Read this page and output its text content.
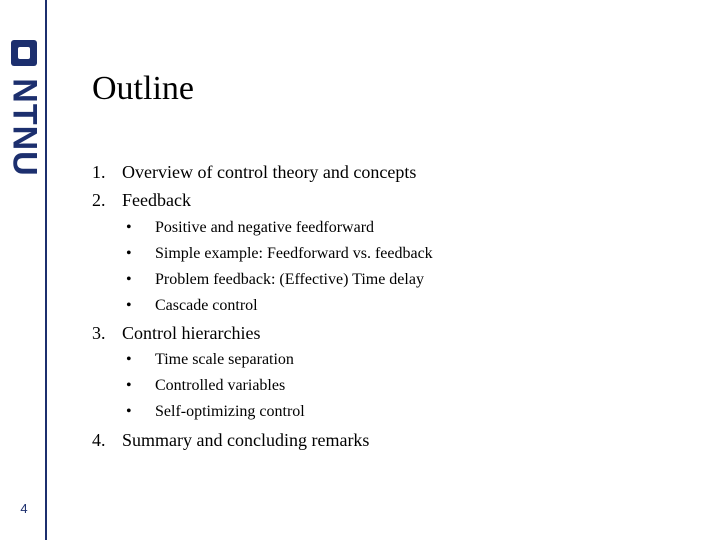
NTNU
4
Outline
1. Overview of control theory and concepts
2. Feedback
• Positive and negative feedforward
• Simple example: Feedforward vs. feedback
• Problem feedback: (Effective) Time delay
• Cascade control
3. Control hierarchies
• Time scale separation
• Controlled variables
• Self-optimizing control
4. Summary and concluding remarks
